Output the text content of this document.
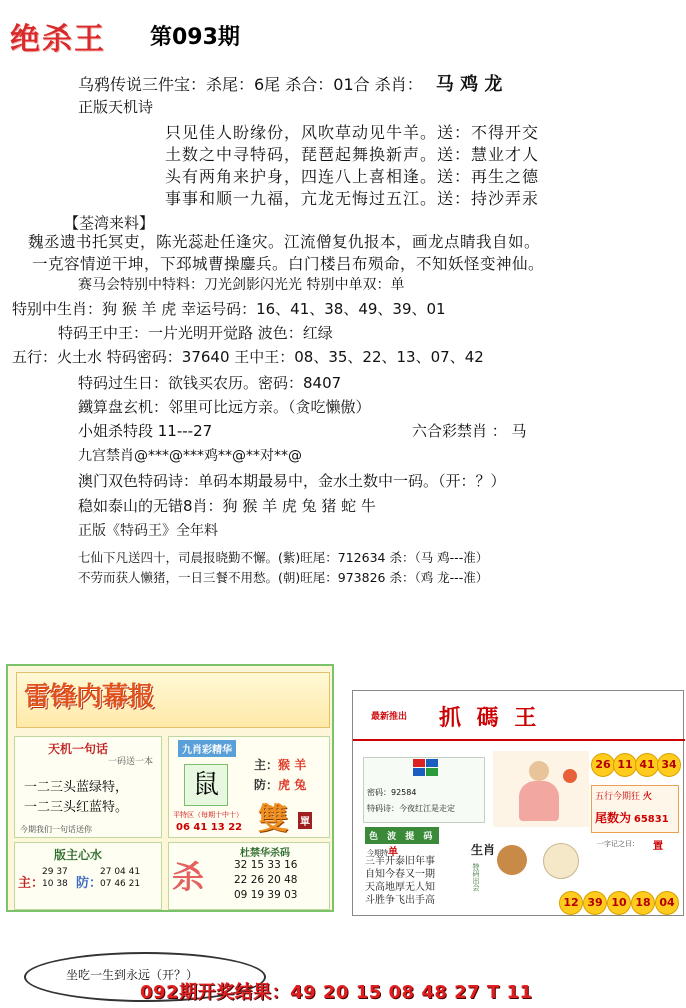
绝杀王 第093期
乌鸦传说三件宝：杀尾：6尾 杀合：01合 杀肖： 马 鸡 龙
正版天机诗
只见佳人盼缘份，风吹草动见牛羊。送：不得开交
土数之中寻特码，琵琶起舞换新声。送：慧业才人
头有两角来护身，四连八上喜相逢。送：再生之德
事事和顺一九福，亢龙无悔过五江。送：持沙弄汞
【荃湾来料】
魏丞遗书托冥吏，陈光蕊赴任逢灾。江流僧复仇报本，画龙点睛我自如。
一克容情逆干坤，下邳城曹操鏖兵。白门楼吕布殒命，不知妖怪变神仙。
赛马会特别中特料：刀光剑影闪光光 特别中单双：单
特别中生肖：狗 猴 羊 虎 幸运号码：16、41、38、49、39、01
特码王中王：一片光明开觉路 波色：红绿
五行：火土水 特码密码：37640 王中王：08、35、22、13、07、42
特码过生日：欲钱买农历。密码：8407
鐵算盘玄机：邻里可比远方亲。（贪吃懒傲）
小姐杀特段 11---27	六合彩禁肖 ： 马
九宫禁肖@***@***鸡**@**对**@
澳门双色特码诗：单码本期最易中，金水土数中一码。（开：？）
稳如泰山的无错8肖：狗 猴 羊 虎 兔 猪 蛇 牛
正版《特码王》全年料
七仙下凡送四十，司晨报晓勤不懈。(紫)旺尾：712634 杀：（马 鸡---准）
不劳而获人懒猪，一日三餐不用愁。(朝)旺尾：973826 杀：（鸡 龙---准）
雷锋内幕报
天机一句话
一码送一本
一二三头蓝绿特，
一二三头红蓝特。
今期我们一句话送你
九肖彩精华
鼠
主：猴 羊
防：虎 兔
平特区（每期十中十）
06 41 13 22 雙 單
版主心水
主：
29 37
10 38 防：
27 04 41
07 46 21 杀
杜禁华杀码
32 15 33 16
22 26 20 48
09 19 39 03
最新推出 抓 碼 王
密码：92584
特码诗：今夜红江是走定
色 波 提 码
今期特单
三羊开泰旧年事
自知今春又一期
天高地厚无人知
斗胜争飞出手高
生肖
特码出会
五行今期狂 火
尾数为 65831
一字记之曰： 置
26 11 41 34
12 39 10 18 04
坐吃一生到永远（开？）
092期开奖结果：49 20 15 08 48 27 T 11
